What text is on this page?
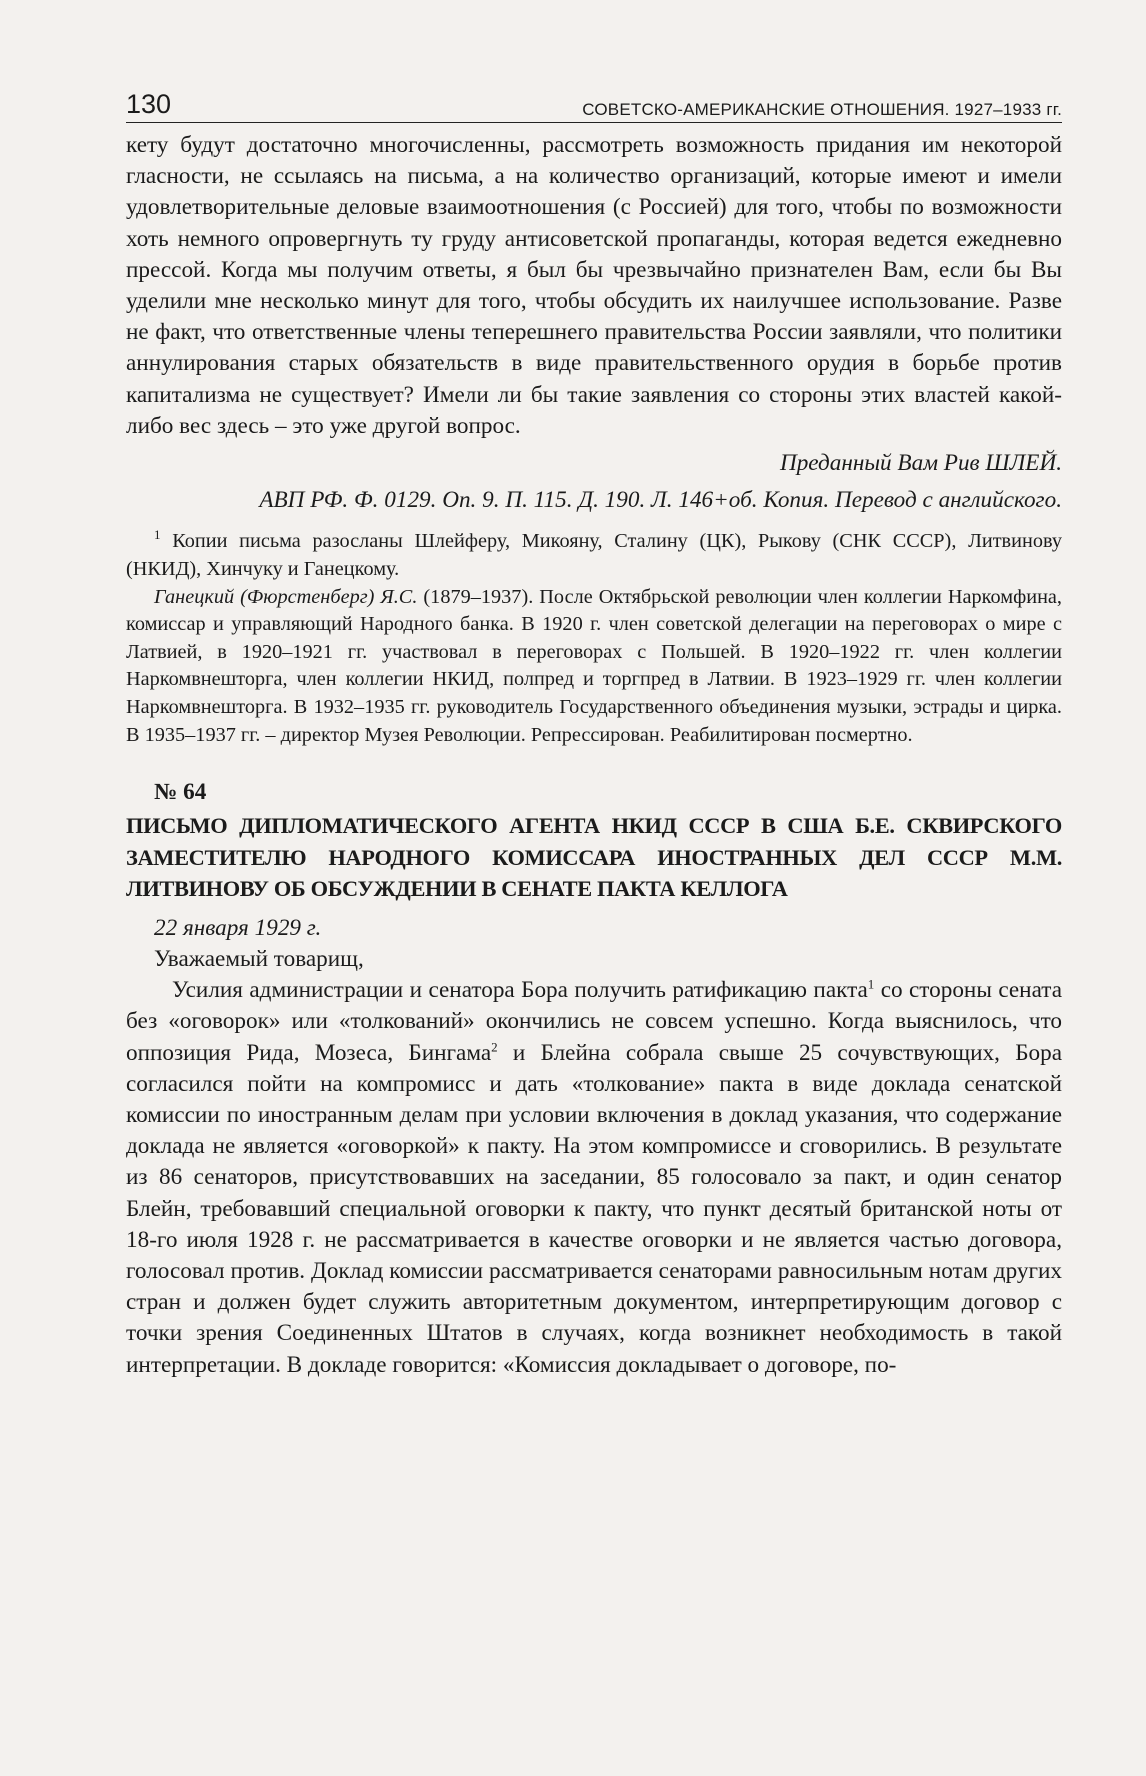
130	СОВЕТСКО-АМЕРИКАНСКИЕ ОТНОШЕНИЯ. 1927–1933 гг.

кету будут достаточно многочисленны, рассмотреть возможность придания им некоторой гласности, не ссылаясь на письма, а на количество организаций, которые имеют и имели удовлетворительные деловые взаимоотношения (с Россией) для того, чтобы по возможности хоть немного опровергнуть ту груду антисоветской пропаганды, которая ведется ежедневно прессой. Когда мы получим ответы, я был бы чрезвычайно признателен Вам, если бы Вы уделили мне несколько минут для того, чтобы обсудить их наилучшее использование. Разве не факт, что ответственные члены теперешнего правительства России заявляли, что политики аннулирования старых обязательств в виде правительственного орудия в борьбе против капитализма не существует? Имели ли бы такие заявления со стороны этих властей какой-либо вес здесь – это уже другой вопрос.

Преданный Вам Рив ШЛЕЙ.

АВП РФ. Ф. 0129. Оп. 9. П. 115. Д. 190. Л. 146+об. Копия. Перевод с английского.

$^1$ Копии письма разосланы Шлейферу, Микояну, Сталину (ЦК), Рыкову (СНК СССР), Литвинову (НКИД), Хинчуку и Ганецкому.

Ганецкий (Фюрстенберг) Я.С. (1879–1937). После Октябрьской революции член коллегии Наркомфина, комиссар и управляющий Народного банка. В 1920 г. член советской делегации на переговорах о мире с Латвией, в 1920–1921 гг. участвовал в переговорах с Польшей. В 1920–1922 гг. член коллегии Наркомвнешторга, член коллегии НКИД, полпред и торгпред в Латвии. В 1923–1929 гг. член коллегии Наркомвнешторга. В 1932–1935 гг. руководитель Государственного объединения музыки, эстрады и цирка. В 1935–1937 гг. – директор Музея Революции. Репрессирован. Реабилитирован посмертно.

№ 64

ПИСЬМО ДИПЛОМАТИЧЕСКОГО АГЕНТА НКИД СССР В США Б.Е. СКВИРСКОГО ЗАМЕСТИТЕЛЮ НАРОДНОГО КОМИССАРА ИНОСТРАННЫХ ДЕЛ СССР М.М. ЛИТВИНОВУ ОБ ОБСУЖДЕНИИ В СЕНАТЕ ПАКТА КЕЛЛОГА

22 января 1929 г.

Уважаемый товарищ,

Усилия администрации и сенатора Бора получить ратификацию пакта$^1$ со стороны сената без «оговорок» или «толкований» окончились не совсем успешно. Когда выяснилось, что оппозиция Рида, Мозеса, Бингама$^2$ и Блейна собрала свыше 25 сочувствующих, Бора согласился пойти на компромисс и дать «толкование» пакта в виде доклада сенатской комиссии по иностранным делам при условии включения в доклад указания, что содержание доклада не является «оговоркой» к пакту. На этом компромиссе и сговорились. В результате из 86 сенаторов, присутствовавших на заседании, 85 голосовало за пакт, и один сенатор Блейн, требовавший специальной оговорки к пакту, что пункт десятый британской ноты от 18-го июля 1928 г. не рассматривается в качестве оговорки и не является частью договора, голосовал против. Доклад комиссии рассматривается сенаторами равносильным нотам других стран и должен будет служить авторитетным документом, интерпретирующим договор с точки зрения Соединенных Штатов в случаях, когда возникнет необходимость в такой интерпретации. В докладе говорится: «Комиссия докладывает о договоре, по-
